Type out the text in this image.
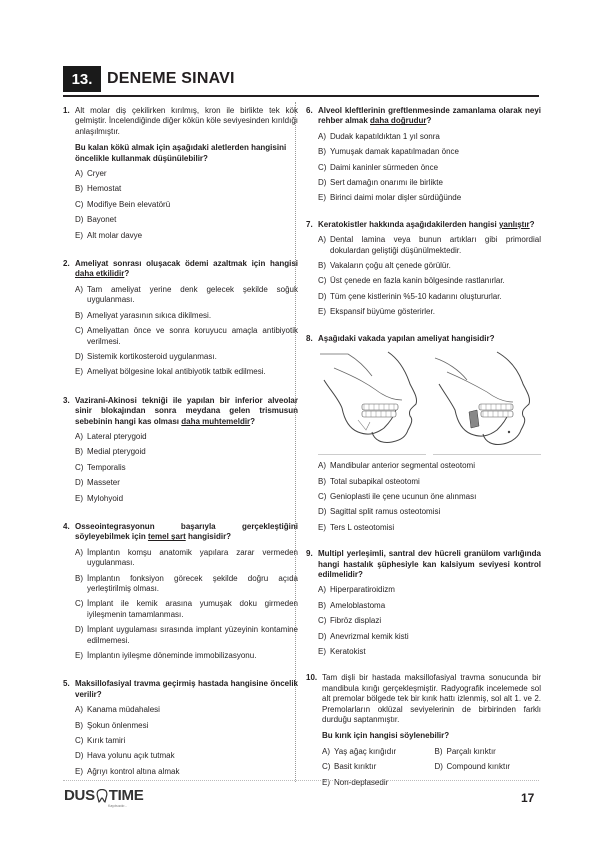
13. DENEME SINAVI
1. Alt molar diş çekilirken kırılmış, kron ile birlikte tek kök gelmiştir. İncelendiğinde diğer kökün köle seviyesinden kırıldığı anlaşılmıştır.
Bu kalan kökü almak için aşağıdaki aletlerden hangisini öncelikle kullanmak düşünülebilir?
A) Cryer
B) Hemostat
C) Modifiye Bein elevatörü
D) Bayonet
E) Alt molar davye
2. Ameliyat sonrası oluşacak ödemi azaltmak için hangisi daha etkilidir?
A) Tam ameliyat yerine denk gelecek şekilde soğuk uygulanması.
B) Ameliyat yarasının sıkıca dikilmesi.
C) Ameliyattan önce ve sonra koruyucu amaçla antibiyotik verilmesi.
D) Sistemik kortikosteroid uygulanması.
E) Ameliyat bölgesine lokal antibiyotik tatbik edilmesi.
3. Vazirani-Akinosi tekniği ile yapılan bir inferior alveolar sinir blokajından sonra meydana gelen trismusun sebebinin hangi kas olması daha muhtemeldir?
A) Lateral pterygoid
B) Medial pterygoid
C) Temporalis
D) Masseter
E) Mylohyoid
4. Osseointegrasyonun başarıyla gerçekleştiğini söyleyebilmek için temel şart hangisidir?
A) İmplantın komşu anatomik yapılara zarar vermeden uygulanması.
B) İmplantın fonksiyon görecek şekilde doğru açıda yerleştirilmiş olması.
C) İmplant ile kemik arasına yumuşak doku girmeden iyileşmenin tamamlanması.
D) İmplant uygulaması sırasında implant yüzeyinin kontamine edilmemesi.
E) İmplantın iyileşme döneminde immobilizasyonu.
5. Maksillofasiyal travma geçirmiş hastada hangisine öncelik verilir?
A) Kanama müdahalesi
B) Şokun önlenmesi
C) Kırık tamiri
D) Hava yolunu açık tutmak
E) Ağrıyı kontrol altına almak
6. Alveol kleftlerinin greftlenmesinde zamanlama olarak neyi rehber almak daha doğrudur?
A) Dudak kapatıldıktan 1 yıl sonra
B) Yumuşak damak kapatılmadan önce
C) Daimi kaninler sürmeden önce
D) Sert damağın onarımı ile birlikte
E) Birinci daimi molar dişler sürdüğünde
7. Keratokistler hakkında aşağıdakilerden hangisi yanlıştır?
A) Dental lamina veya bunun artıkları gibi primordial dokulardan geliştiği düşünülmektedir.
B) Vakaların çoğu alt çenede görülür.
C) Üst çenede en fazla kanin bölgesinde rastlanırlar.
D) Tüm çene kistlerinin %5-10 kadarını oluştururlar.
E) Ekspansif büyüme gösterirler.
8. Aşağıdaki vakada yapılan ameliyat hangisidir?
A) Mandibular anterior segmental osteotomi
B) Total subapikal osteotomi
C) Genioplasti ile çene ucunun öne alınması
D) Sagittal split ramus osteotomisi
E) Ters L osteotomisi
9. Multipl yerleşimli, santral dev hücreli granülom varlığında hangi hastalık şüphesiyle kan kalsiyum seviyesi kontrol edilmelidir?
A) Hiperparatiroidizm
B) Ameloblastoma
C) Fibröz displazi
D) Anevrizmal kemik kisti
E) Keratokist
10. Tam dişli bir hastada maksillofasiyal travma sonucunda bir mandibula kırığı gerçekleşmiştir. Radyografik incelemede sol alt premolar bölgede tek bir kırık hattı izlenmiş, sol alt 1. ve 2. Premolarların oklüzal seviyelerinin de birbirinden farklı durduğu saptanmıştır.
Bu kırık için hangisi söylenebilir?
A) Yaş ağaç kırığıdır	B) Parçalı kırıktır
C) Basit kırıktır	D) Compound kırıktır
E) Non-deplasedir
DUS TIME
Kayıtsızdır...
17
